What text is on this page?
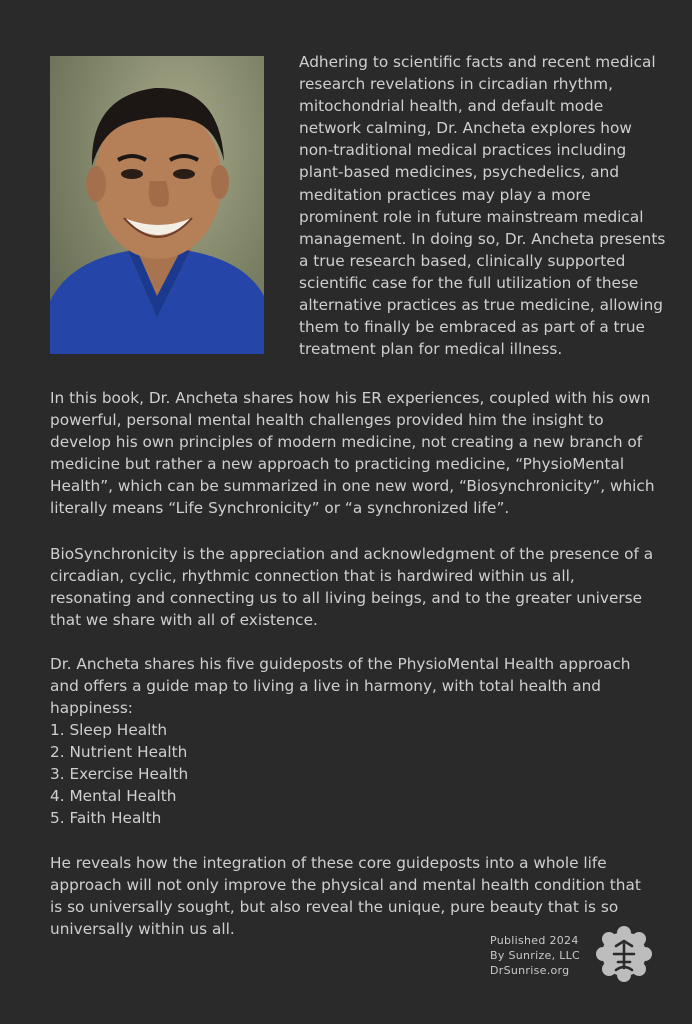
Adhering to scientific facts and recent medical research revelations in circadian rhythm, mitochondrial health, and default mode network calming, Dr. Ancheta explores how non-traditional medical practices including plant-based medicines, psychedelics, and meditation practices may play a more prominent role in future mainstream medical management. In doing so, Dr. Ancheta presents a true research based, clinically supported scientific case for the full utilization of these alternative practices as true medicine, allowing them to finally be embraced as part of a true treatment plan for medical illness.

In this book, Dr. Ancheta shares how his ER experiences, coupled with his own powerful, personal mental health challenges provided him the insight to develop his own principles of modern medicine, not creating a new branch of medicine but rather a new approach to practicing medicine, “PhysioMental Health”, which can be summarized in one new word, “Biosynchronicity”, which literally means “Life Synchronicity” or “a synchronized life”.

BioSynchronicity is the appreciation and acknowledgment of the presence of a circadian, cyclic, rhythmic connection that is hardwired within us all, resonating and connecting us to all living beings, and to the greater universe that we share with all of existence.

Dr. Ancheta shares his five guideposts of the PhysioMental Health approach and offers a guide map to living a live in harmony, with total health and happiness:

1. Sleep Health
2. Nutrient Health
3. Exercise Health
4. Mental Health
5. Faith Health

He reveals how the integration of these core guideposts into a whole life approach will not only improve the physical and mental health condition that is so universally sought, but also reveal the unique, pure beauty that is so universally within us all.

Published 2024
By Sunrize, LLC
DrSunrise.org
